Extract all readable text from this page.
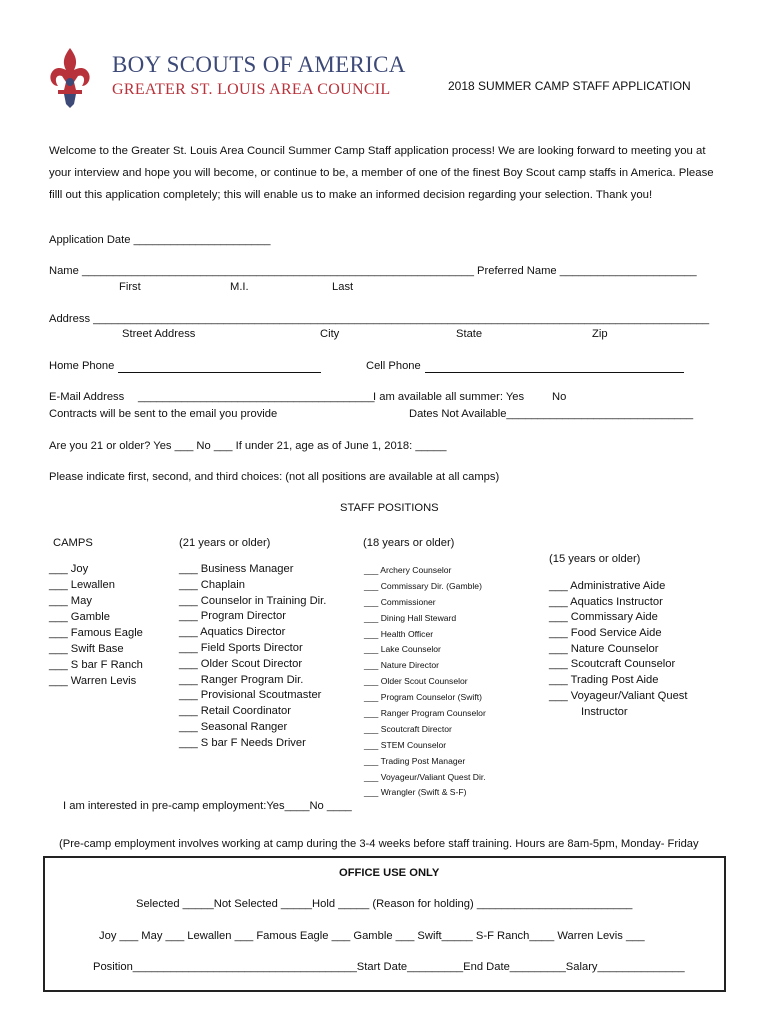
BOY SCOUTS OF AMERICA
GREATER ST. LOUIS AREA COUNCIL	2018 SUMMER CAMP STAFF APPLICATION
Welcome to the Greater St. Louis Area Council Summer Camp Staff application process! We are looking forward to meeting you at your interview and hope you will become, or continue to be, a member of one of the finest Boy Scout camp staffs in America. Please filll out this application completely; this will enable us to make an informed decision regarding your selection. Thank you!
Application Date ______________________
Name _______________________________________________________________ Preferred Name ______________________
First	M.I.	Last
Address ___________________________________________________________________________________________________
Street Address	City	State	Zip
Home Phone	Cell Phone
E-Mail Address ______________________________________
I am available all summer: Yes No
Contracts will be sent to the email you provide	Dates Not Available______________________________
Are you 21 or older? Yes ___ No ___ If under 21, age as of June 1, 2018: _____
Please indicate first, second, and third choices: (not all positions are available at all camps)
STAFF POSITIONS
CAMPS	(21 years or older)	(18 years or older)
(15 years or older)
___ Joy
___ Lewallen
___ May
___ Gamble
___ Famous Eagle
___ Swift Base
___ S bar F Ranch
___ Warren Levis
___ Business Manager
___ Chaplain
___ Counselor in Training Dir.
___ Program Director
___ Aquatics Director
___ Field Sports Director
___ Older Scout Director
___ Ranger Program Dir.
___ Provisional Scoutmaster
___ Retail Coordinator
___ Seasonal Ranger
___ S bar F Needs Driver
___ Archery Counselor
___ Commissary Dir. (Gamble)
___ Commissioner
___ Dining Hall Steward
___ Health Officer
___ Lake Counselor
___ Nature Director
___ Older Scout Counselor
___ Program Counselor (Swift)
___ Ranger Program Counselor
___ Scoutcraft Director
___ STEM Counselor
___ Trading Post Manager
___ Voyageur/Valiant Quest Dir.
___ Wrangler (Swift & S-F)
___ Administrative Aide
___ Aquatics Instructor
___ Commissary Aide
___ Food Service Aide
___ Nature Counselor
___ Scoutcraft Counselor
___ Trading Post Aide
___ Voyageur/Valiant Quest
Instructor
I am interested in pre-camp employment:Yes____No ____
(Pre-camp employment involves working at camp during the 3-4 weeks before staff training. Hours are 8am-5pm, Monday- Friday
OFFICE USE ONLY
Selected _____Not Selected _____Hold _____ (Reason for holding) _________________________
Joy ___ May ___ Lewallen ___ Famous Eagle ___ Gamble ___ Swift_____ S-F Ranch____ Warren Levis ___
Position____________________________________Start Date_________End Date_________Salary______________
